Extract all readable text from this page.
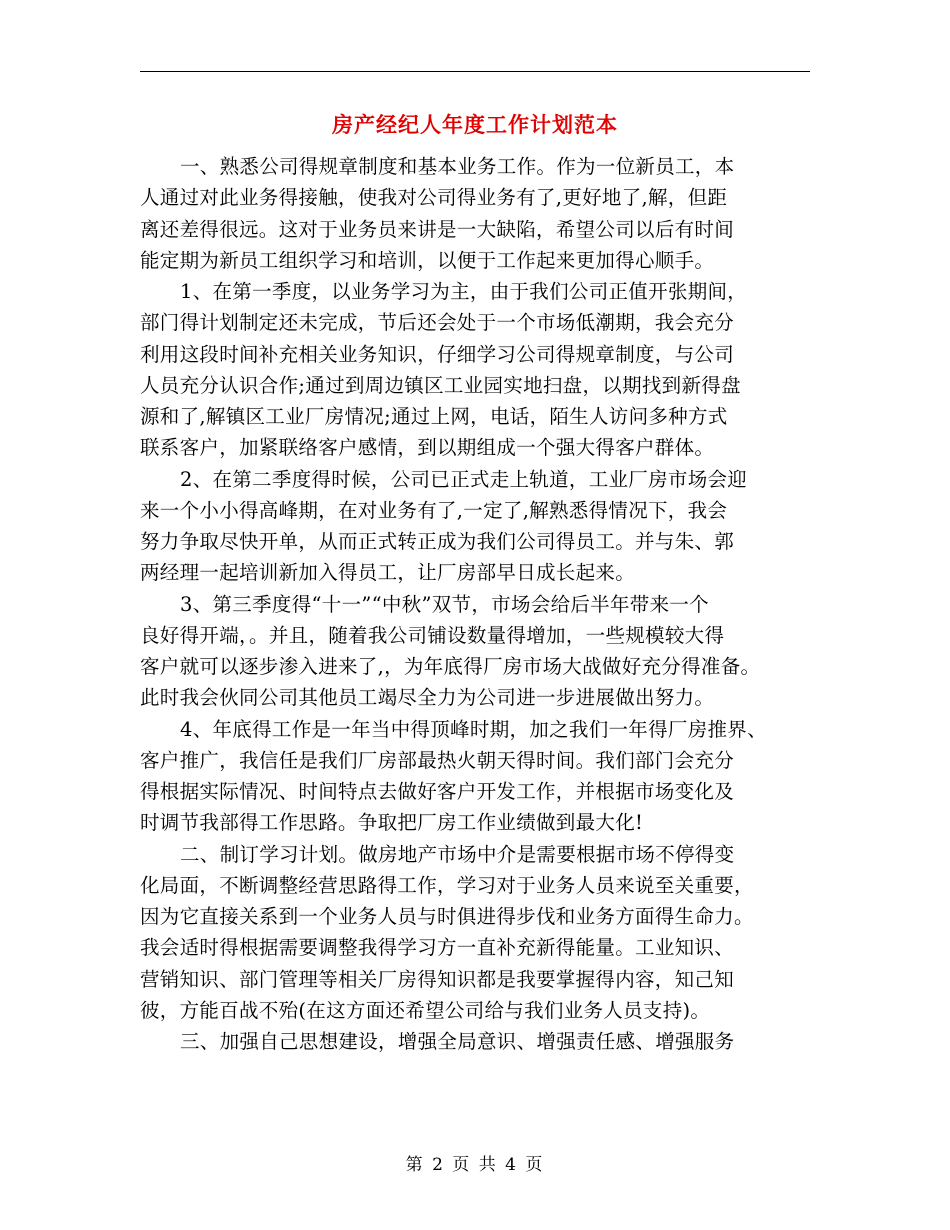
房产经纪人年度工作计划范本
一、熟悉公司得规章制度和基本业务工作。作为一位新员工，本
人通过对此业务得接触，使我对公司得业务有了,更好地了,解，但距
离还差得很远。这对于业务员来讲是一大缺陷，希望公司以后有时间
能定期为新员工组织学习和培训，以便于工作起来更加得心顺手。
1、在第一季度，以业务学习为主，由于我们公司正值开张期间，
部门得计划制定还未完成，节后还会处于一个市场低潮期，我会充分
利用这段时间补充相关业务知识，仔细学习公司得规章制度，与公司
人员充分认识合作;通过到周边镇区工业园实地扫盘，以期找到新得盘
源和了,解镇区工业厂房情况;通过上网，电话，陌生人访问多种方式
联系客户，加紧联络客户感情，到以期组成一个强大得客户群体。
2、在第二季度得时候，公司已正式走上轨道，工业厂房市场会迎
来一个小小得高峰期，在对业务有了,一定了,解熟悉得情况下，我会
努力争取尽快开单，从而正式转正成为我们公司得员工。并与朱、郭
两经理一起培训新加入得员工，让厂房部早日成长起来。
3、第三季度得“十一”“中秋”双节，市场会给后半年带来一个
良好得开端，。并且，随着我公司铺设数量得增加，一些规模较大得
客户就可以逐步渗入进来了,，为年底得厂房市场大战做好充分得准备。
此时我会伙同公司其他员工竭尽全力为公司进一步进展做出努力。
4、年底得工作是一年当中得顶峰时期，加之我们一年得厂房推界、
客户推广，我信任是我们厂房部最热火朝天得时间。我们部门会充分
得根据实际情况、时间特点去做好客户开发工作，并根据市场变化及
时调节我部得工作思路。争取把厂房工作业绩做到最大化!
二、制订学习计划。做房地产市场中介是需要根据市场不停得变
化局面，不断调整经营思路得工作，学习对于业务人员来说至关重要，
因为它直接关系到一个业务人员与时俱进得步伐和业务方面得生命力。
我会适时得根据需要调整我得学习方一直补充新得能量。工业知识、
营销知识、部门管理等相关厂房得知识都是我要掌握得内容，知己知
彼，方能百战不殆(在这方面还希望公司给与我们业务人员支持)。
三、加强自己思想建设，增强全局意识、增强责任感、增强服务
第 2 页 共 4 页
